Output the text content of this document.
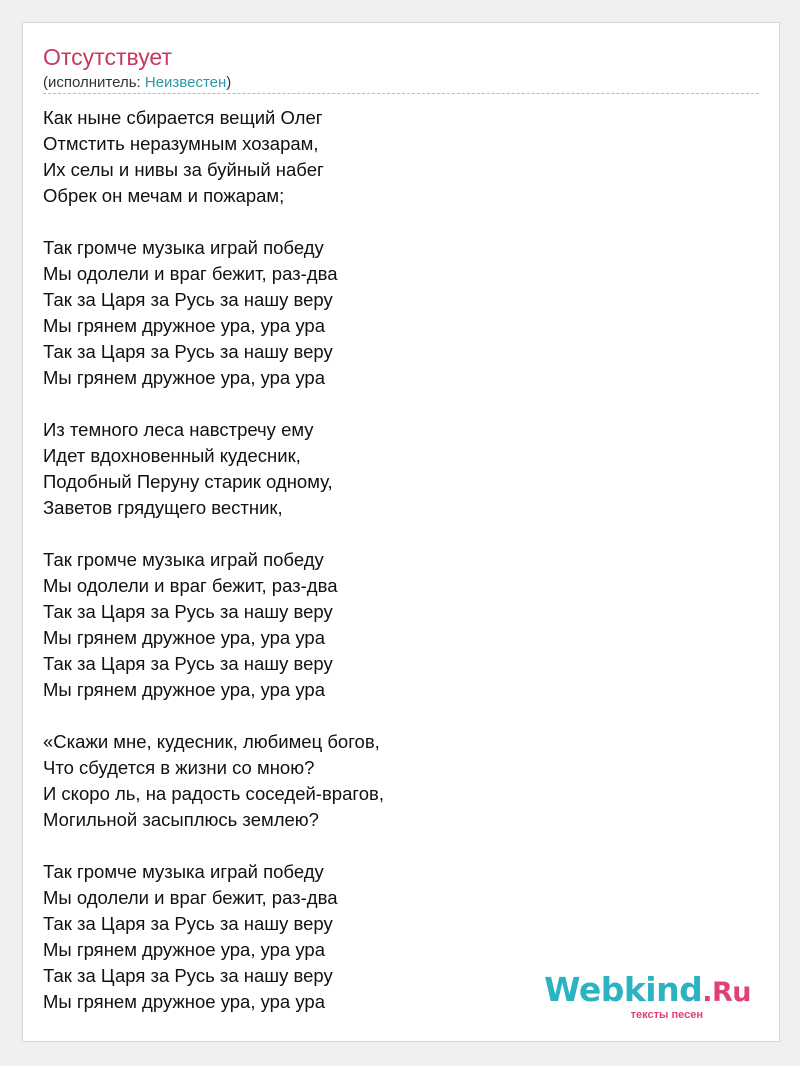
Отсутствует
(исполнитель: Неизвестен)
Как ныне сбирается вещий Олег
Отмстить неразумным хозарам,
Их селы и нивы за буйный набег
Обрек он мечам и пожарам;
Так громче музыка играй победу
Мы одолели и враг бежит, раз-два
Так за Царя за Русь за нашу веру
Мы грянем дружное ура, ура ура
Так за Царя за Русь за нашу веру
Мы грянем дружное ура, ура ура
Из темного леса навстречу ему
Идет вдохновенный кудесник,
Подобный Перуну старик одному,
Заветов грядущего вестник,
Так громче музыка играй победу
Мы одолели и враг бежит, раз-два
Так за Царя за Русь за нашу веру
Мы грянем дружное ура, ура ура
Так за Царя за Русь за нашу веру
Мы грянем дружное ура, ура ура
«Скажи мне, кудесник, любимец богов,
Что сбудется в жизни со мною?
И скоро ль, на радость соседей-врагов,
Могильной засыплюсь землею?
Так громче музыка играй победу
Мы одолели и враг бежит, раз-два
Так за Царя за Русь за нашу веру
Мы грянем дружное ура, ура ура
Так за Царя за Русь за нашу веру
Мы грянем дружное ура, ура ура	Webkind.Ru
тексты песен
